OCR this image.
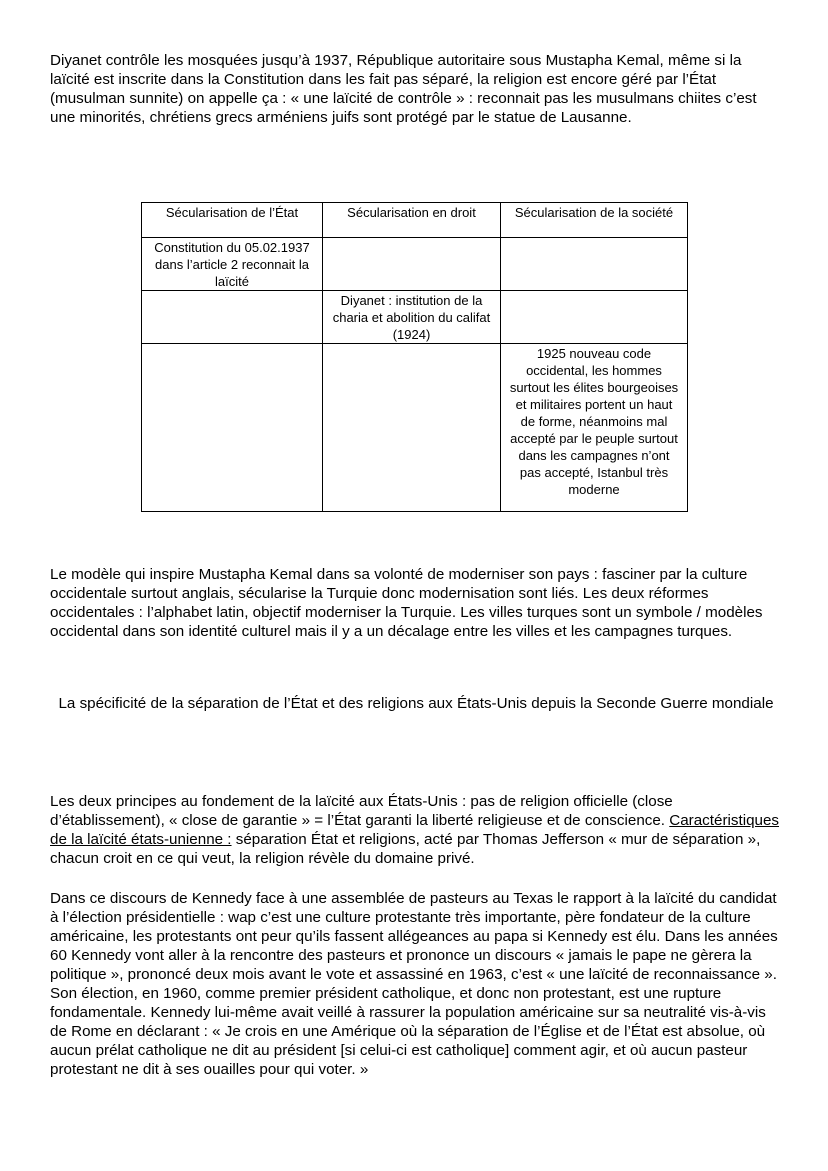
Diyanet contrôle les mosquées jusqu’à 1937, République autoritaire sous Mustapha Kemal, même si la laïcité est inscrite dans la Constitution dans les fait pas séparé, la religion est encore géré par l’État (musulman sunnite) on appelle ça : « une laïcité de contrôle » : reconnait pas les musulmans chiites c’est une minorités, chrétiens grecs arméniens juifs sont protégé par le statue de Lausanne.

Sécularisation de l’État	Sécularisation en droit	Sécularisation de la société
Constitution du 05.02.1937 dans l’article 2 reconnait la laïcité		
	Diyanet : institution de la charia et abolition du califat (1924)	
		1925 nouveau code occidental, les hommes surtout les élites bourgeoises et militaires portent un haut de forme, néanmoins mal accepté par le peuple surtout dans les campagnes n’ont pas accepté, Istanbul très moderne

Le modèle qui inspire Mustapha Kemal dans sa volonté de moderniser son pays : fasciner par la culture occidentale surtout anglais, sécularise la Turquie donc modernisation sont liés. Les deux réformes occidentales : l’alphabet latin, objectif moderniser la Turquie. Les villes turques sont un symbole / modèles occidental dans son identité culturel mais il y a un décalage entre les villes et les campagnes turques.

La spécificité de la séparation de l’État et des religions aux États-Unis depuis la Seconde Guerre mondiale

Les deux principes au fondement de la laïcité aux États-Unis : pas de religion officielle (close d’établissement), « close de garantie » = l’État garanti la liberté religieuse et de conscience. Caractéristiques de la laïcité états-unienne : séparation État et religions, acté par Thomas Jefferson « mur de séparation », chacun croit en ce qui veut, la religion révèle du domaine privé.

Dans ce discours de Kennedy face à une assemblée de pasteurs au Texas le rapport à la laïcité du candidat à l’élection présidentielle : wap c’est une culture protestante très importante, père fondateur de la culture américaine, les protestants ont peur qu’ils fassent allégeances au papa si Kennedy est élu. Dans les années 60 Kennedy vont aller à la rencontre des pasteurs et prononce un discours « jamais le pape ne gèrera la politique », prononcé deux mois avant le vote et assassiné en 1963, c’est « une laïcité de reconnaissance ».
Son élection, en 1960, comme premier président catholique, et donc non protestant, est une rupture fondamentale. Kennedy lui-même avait veillé à rassurer la population américaine sur sa neutralité vis-à-vis de Rome en déclarant : « Je crois en une Amérique où la séparation de l’Église et de l’État est absolue, où aucun prélat catholique ne dit au président [si celui-ci est catholique] comment agir, et où aucun pasteur protestant ne dit à ses ouailles pour qui voter. »
